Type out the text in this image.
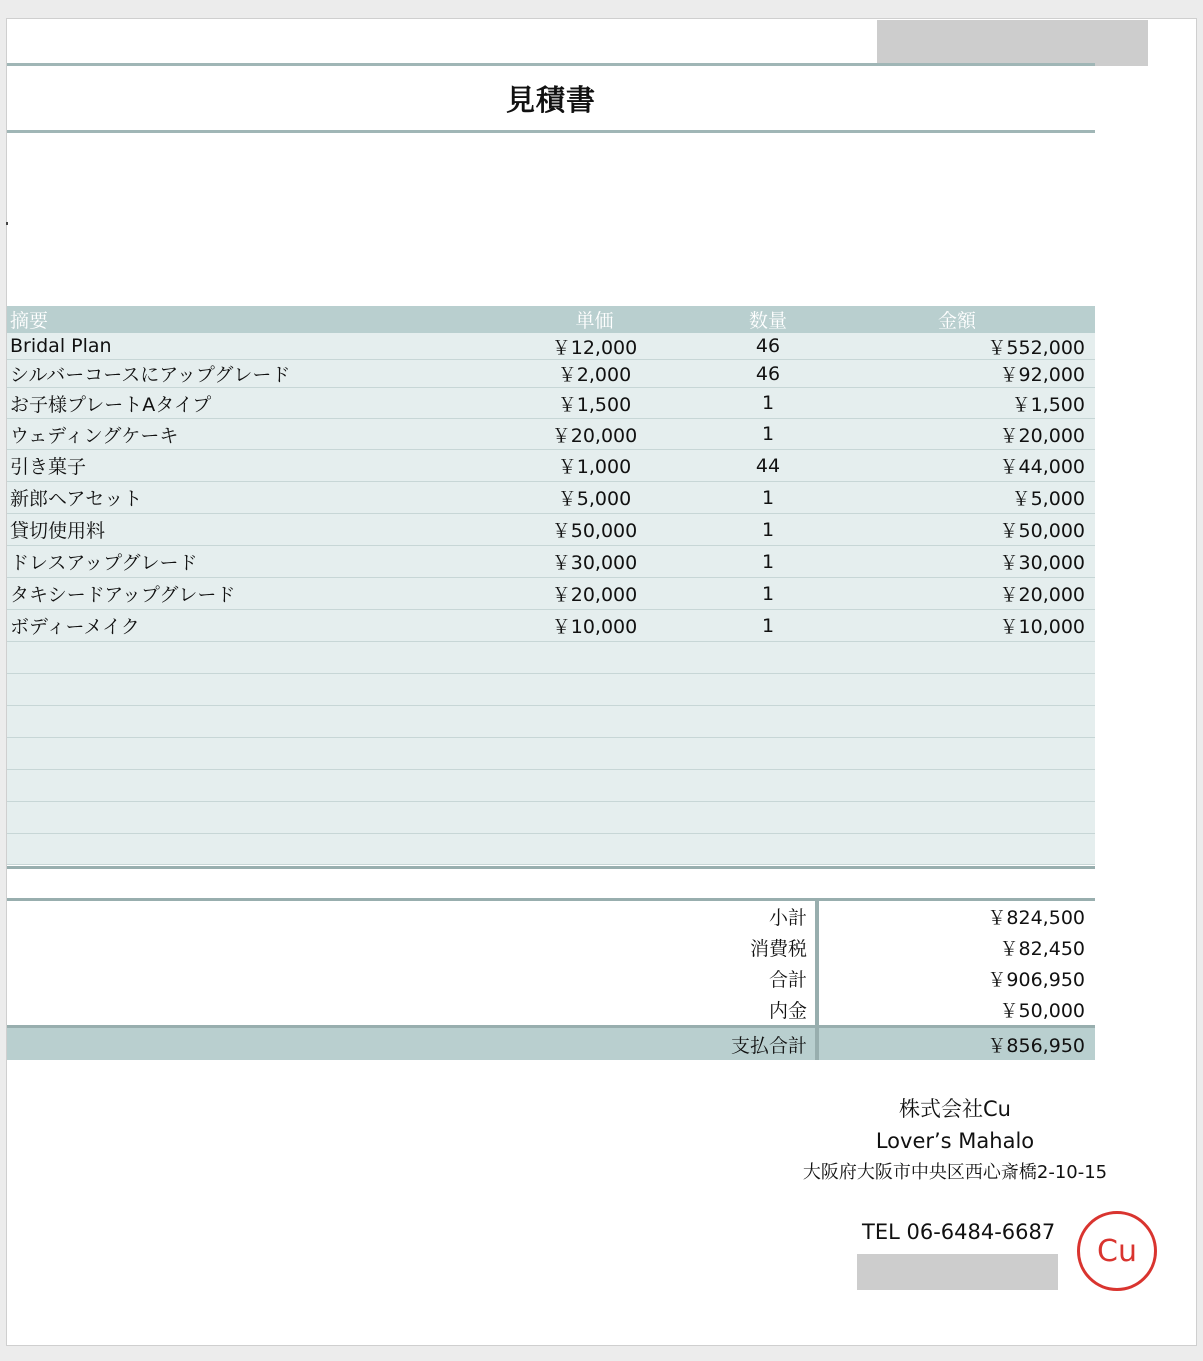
見積書
摘要	単価	数量	金額
Bridal Plan	￥12,000	46	￥552,000
シルバーコースにアップグレード	￥2,000	46	￥92,000
お子様プレートAタイプ	￥1,500	1	￥1,500
ウェディングケーキ	￥20,000	1	￥20,000
引き菓子	￥1,000	44	￥44,000
新郎ヘアセット	￥5,000	1	￥5,000
貸切使用料	￥50,000	1	￥50,000
ドレスアップグレード	￥30,000	1	￥30,000
タキシードアップグレード	￥20,000	1	￥20,000
ボディーメイク	￥10,000	1	￥10,000
小計	￥824,500
消費税	￥82,450
合計	￥906,950
内金	￥50,000
支払合計	￥856,950
株式会社Cu
Lover’s Mahalo
大阪府大阪市中央区西心斎橋2-10-15
TEL 06-6484-6687
Cu
